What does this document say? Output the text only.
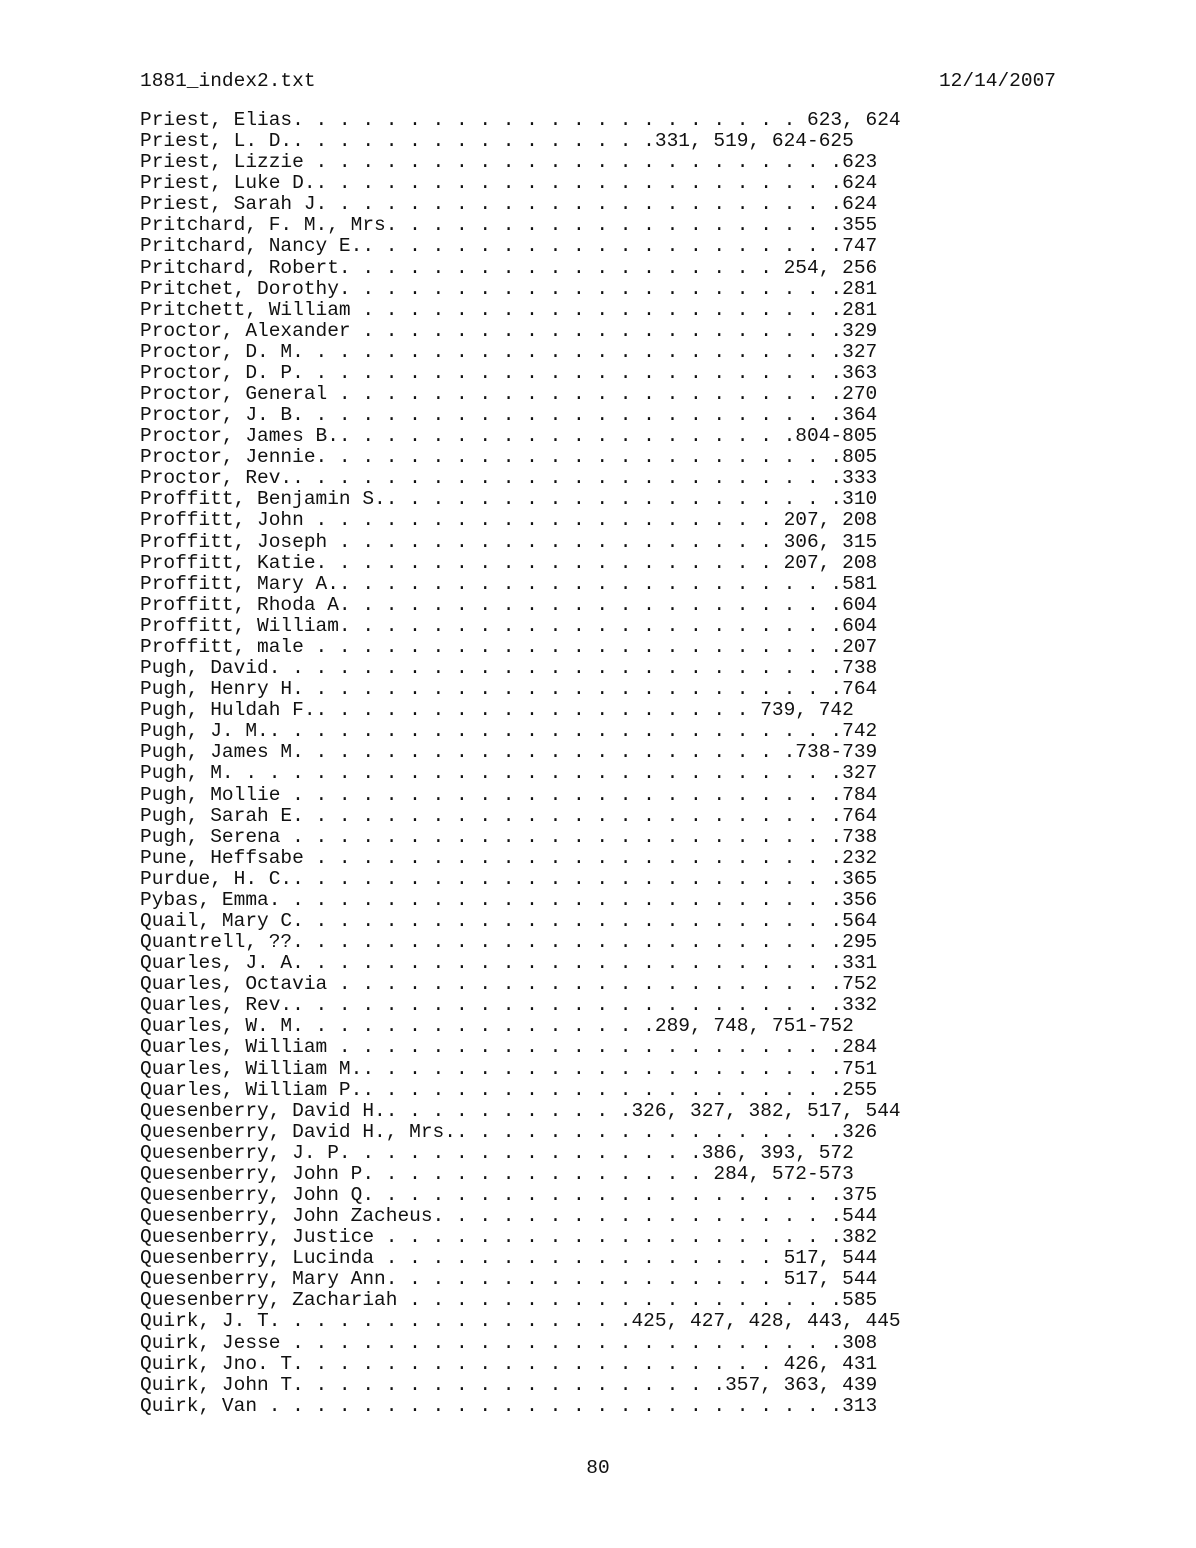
1881_index2.txt	12/14/2007
Priest, Elias. . . . . . . . . . . . . . . . . . . . . . 623, 624
Priest, L. D.. . . . . . . . . . . . . . . .331, 519, 624-625
Priest, Lizzie . . . . . . . . . . . . . . . . . . . . . . .623
Priest, Luke D.. . . . . . . . . . . . . . . . . . . . . . .624
Priest, Sarah J. . . . . . . . . . . . . . . . . . . . . . .624
Pritchard, F. M., Mrs. . . . . . . . . . . . . . . . . . . .355
Pritchard, Nancy E.. . . . . . . . . . . . . . . . . . . . .747
Pritchard, Robert. . . . . . . . . . . . . . . . . . . 254, 256
Pritchet, Dorothy. . . . . . . . . . . . . . . . . . . . . .281
Pritchett, William . . . . . . . . . . . . . . . . . . . . .281
Proctor, Alexander . . . . . . . . . . . . . . . . . . . . .329
Proctor, D. M. . . . . . . . . . . . . . . . . . . . . . . .327
Proctor, D. P. . . . . . . . . . . . . . . . . . . . . . . .363
Proctor, General . . . . . . . . . . . . . . . . . . . . . .270
Proctor, J. B. . . . . . . . . . . . . . . . . . . . . . . .364
Proctor, James B.. . . . . . . . . . . . . . . . . . . .804-805
Proctor, Jennie. . . . . . . . . . . . . . . . . . . . . . .805
Proctor, Rev.. . . . . . . . . . . . . . . . . . . . . . . .333
Proffitt, Benjamin S.. . . . . . . . . . . . . . . . . . . .310
Proffitt, John . . . . . . . . . . . . . . . . . . . . 207, 208
Proffitt, Joseph . . . . . . . . . . . . . . . . . . . 306, 315
Proffitt, Katie. . . . . . . . . . . . . . . . . . . . 207, 208
Proffitt, Mary A.. . . . . . . . . . . . . . . . . . . . . .581
Proffitt, Rhoda A. . . . . . . . . . . . . . . . . . . . . .604
Proffitt, William. . . . . . . . . . . . . . . . . . . . . .604
Proffitt, male . . . . . . . . . . . . . . . . . . . . . . .207
Pugh, David. . . . . . . . . . . . . . . . . . . . . . . . .738
Pugh, Henry H. . . . . . . . . . . . . . . . . . . . . . . .764
Pugh, Huldah F.. . . . . . . . . . . . . . . . . . . 739, 742
Pugh, J. M.. . . . . . . . . . . . . . . . . . . . . . . . .742
Pugh, James M. . . . . . . . . . . . . . . . . . . . . .738-739
Pugh, M. . . . . . . . . . . . . . . . . . . . . . . . . . .327
Pugh, Mollie . . . . . . . . . . . . . . . . . . . . . . . .784
Pugh, Sarah E. . . . . . . . . . . . . . . . . . . . . . . .764
Pugh, Serena . . . . . . . . . . . . . . . . . . . . . . . .738
Pune, Heffsabe . . . . . . . . . . . . . . . . . . . . . . .232
Purdue, H. C.. . . . . . . . . . . . . . . . . . . . . . . .365
Pybas, Emma. . . . . . . . . . . . . . . . . . . . . . . . .356
Quail, Mary C. . . . . . . . . . . . . . . . . . . . . . . .564
Quantrell, ??. . . . . . . . . . . . . . . . . . . . . . . .295
Quarles, J. A. . . . . . . . . . . . . . . . . . . . . . . .331
Quarles, Octavia . . . . . . . . . . . . . . . . . . . . . .752
Quarles, Rev.. . . . . . . . . . . . . . . . . . . . . . . .332
Quarles, W. M. . . . . . . . . . . . . . . .289, 748, 751-752
Quarles, William . . . . . . . . . . . . . . . . . . . . . .284
Quarles, William M.. . . . . . . . . . . . . . . . . . . . .751
Quarles, William P.. . . . . . . . . . . . . . . . . . . . .255
Quesenberry, David H.. . . . . . . . . . .326, 327, 382, 517, 544
Quesenberry, David H., Mrs.. . . . . . . . . . . . . . . . .326
Quesenberry, J. P. . . . . . . . . . . . . . . .386, 393, 572
Quesenberry, John P. . . . . . . . . . . . . . . 284, 572-573
Quesenberry, John Q. . . . . . . . . . . . . . . . . . . . .375
Quesenberry, John Zacheus. . . . . . . . . . . . . . . . . .544
Quesenberry, Justice . . . . . . . . . . . . . . . . . . . .382
Quesenberry, Lucinda . . . . . . . . . . . . . . . . . 517, 544
Quesenberry, Mary Ann. . . . . . . . . . . . . . . . . 517, 544
Quesenberry, Zachariah . . . . . . . . . . . . . . . . . . .585
Quirk, J. T. . . . . . . . . . . . . . . .425, 427, 428, 443, 445
Quirk, Jesse . . . . . . . . . . . . . . . . . . . . . . . .308
Quirk, Jno. T. . . . . . . . . . . . . . . . . . . . . 426, 431
Quirk, John T. . . . . . . . . . . . . . . . . . .357, 363, 439
Quirk, Van . . . . . . . . . . . . . . . . . . . . . . . . .313
80
